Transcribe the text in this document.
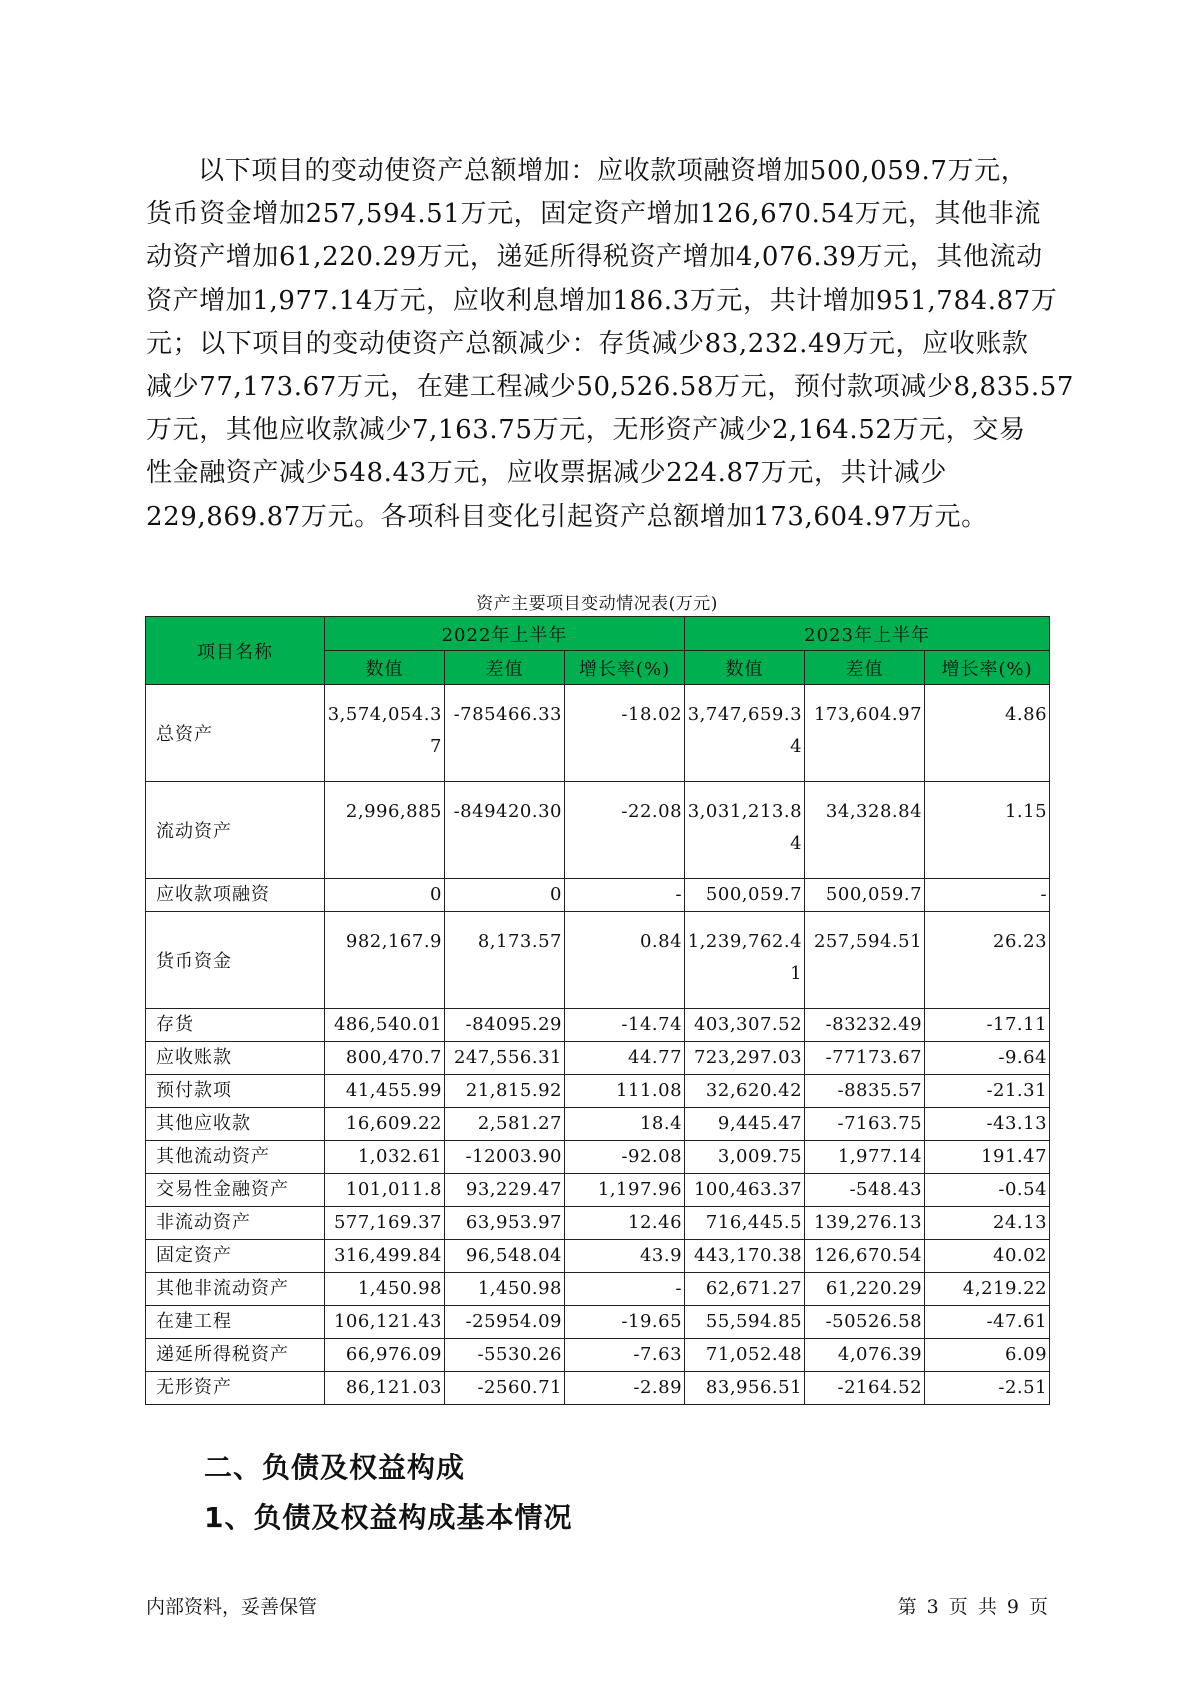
以下项目的变动使资产总额增加：应收款项融资增加500,059.7万元，
货币资金增加257,594.51万元，固定资产增加126,670.54万元，其他非流
动资产增加61,220.29万元，递延所得税资产增加4,076.39万元，其他流动
资产增加1,977.14万元，应收利息增加186.3万元，共计增加951,784.87万
元；以下项目的变动使资产总额减少：存货减少83,232.49万元，应收账款
减少77,173.67万元，在建工程减少50,526.58万元，预付款项减少8,835.57
万元，其他应收款减少7,163.75万元，无形资产减少2,164.52万元，交易
性金融资产减少548.43万元，应收票据减少224.87万元，共计减少
229,869.87万元。各项科目变化引起资产总额增加173,604.97万元。
资产主要项目变动情况表(万元)
项目名称	2022年上半年			2023年上半年		
	数值	差值	增长率(%)	数值	差值	增长率(%)
总资产	3,574,054.37	-785466.33	-18.02	3,747,659.34	173,604.97	4.86
流动资产	2,996,885	-849420.30	-22.08	3,031,213.84	34,328.84	1.15
应收款项融资	0	0	-	500,059.7	500,059.7	-
货币资金	982,167.9	8,173.57	0.84	1,239,762.41	257,594.51	26.23
存货	486,540.01	-84095.29	-14.74	403,307.52	-83232.49	-17.11
应收账款	800,470.7	247,556.31	44.77	723,297.03	-77173.67	-9.64
预付款项	41,455.99	21,815.92	111.08	32,620.42	-8835.57	-21.31
其他应收款	16,609.22	2,581.27	18.4	9,445.47	-7163.75	-43.13
其他流动资产	1,032.61	-12003.90	-92.08	3,009.75	1,977.14	191.47
交易性金融资产	101,011.8	93,229.47	1,197.96	100,463.37	-548.43	-0.54
非流动资产	577,169.37	63,953.97	12.46	716,445.5	139,276.13	24.13
固定资产	316,499.84	96,548.04	43.9	443,170.38	126,670.54	40.02
其他非流动资产	1,450.98	1,450.98	-	62,671.27	61,220.29	4,219.22
在建工程	106,121.43	-25954.09	-19.65	55,594.85	-50526.58	-47.61
递延所得税资产	66,976.09	-5530.26	-7.63	71,052.48	4,076.39	6.09
无形资产	86,121.03	-2560.71	-2.89	83,956.51	-2164.52	-2.51
二、负债及权益构成
1、负债及权益构成基本情况
内部资料，妥善保管	第 3 页 共 9 页
